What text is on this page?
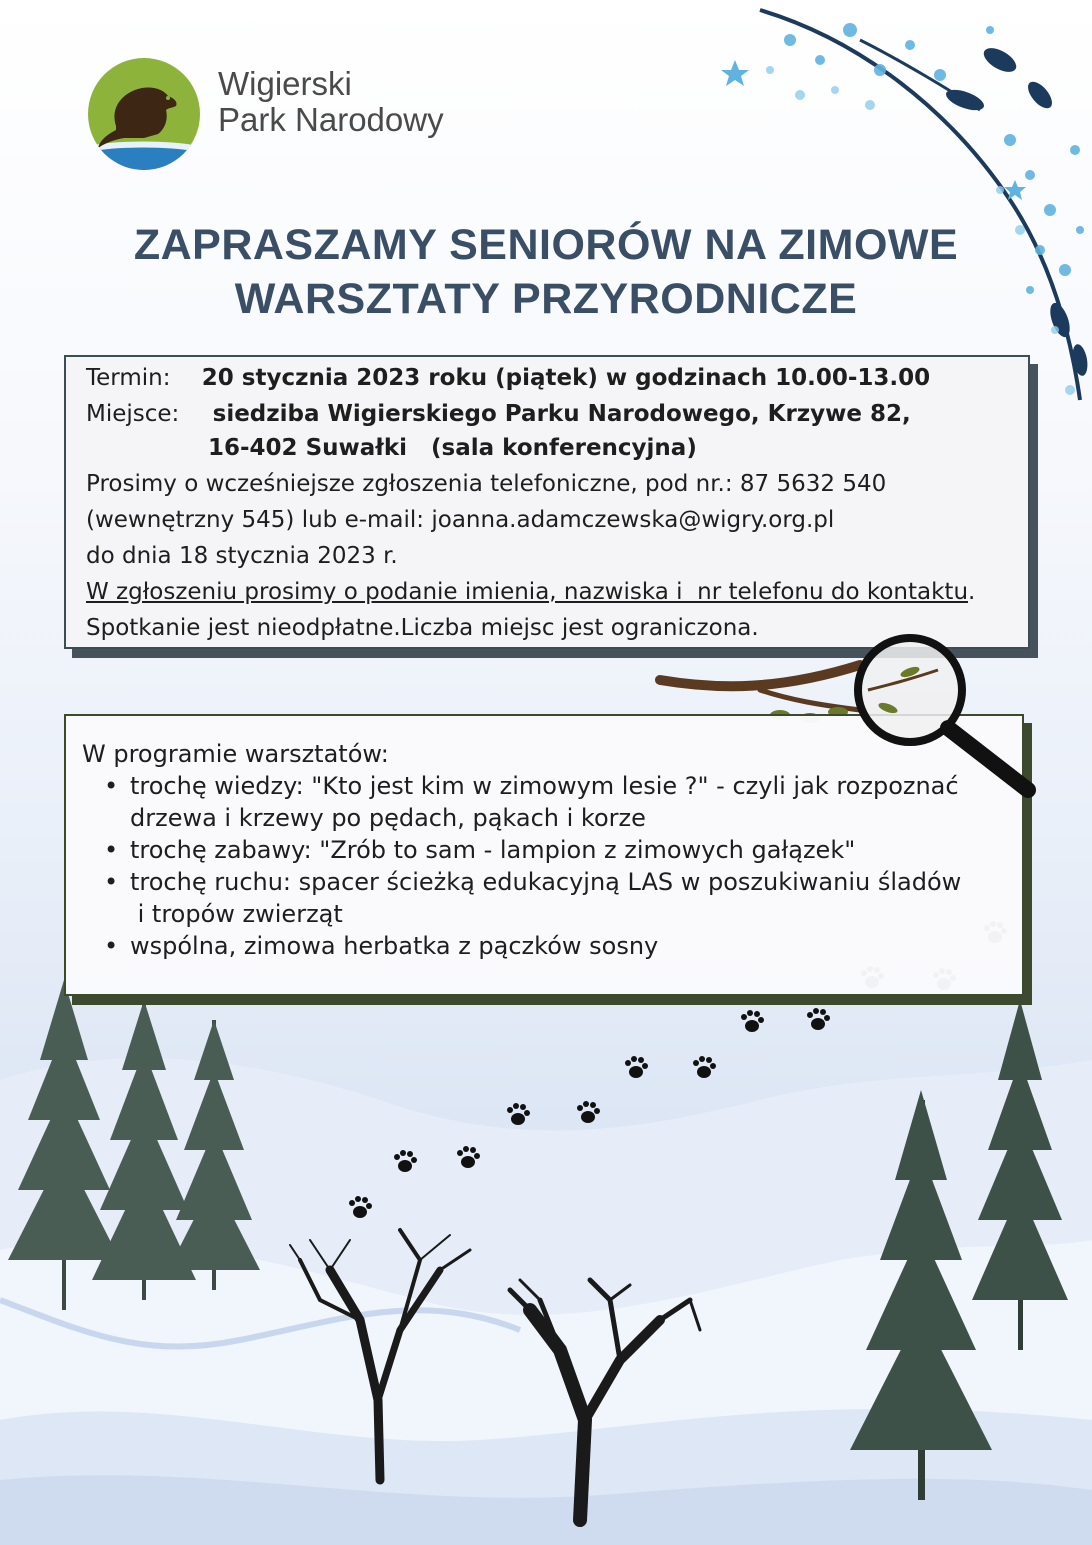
Wigierski
Park Narodowy
ZAPRASZAMY SENIORÓW NA ZIMOWE
WARSZTATY PRZYRODNICZE
Termin: 20 stycznia 2023 roku (piątek) w godzinach 10.00-13.00
Miejsce: siedziba Wigierskiego Parku Narodowego, Krzywe 82,
16-402 Suwałki   (sala konferencyjna)
Prosimy o wcześniejsze zgłoszenia telefoniczne, pod nr.: 87 5632 540
(wewnętrzny 545) lub e-mail: joanna.adamczewska@wigry.org.pl
do dnia 18 stycznia 2023 r.
W zgłoszeniu prosimy o podanie imienia, nazwiska i  nr telefonu do kontaktu.
Spotkanie jest nieodpłatne.Liczba miejsc jest ograniczona.
W programie warsztatów:
• trochę wiedzy: "Kto jest kim w zimowym lesie ?" - czyli jak rozpoznać
drzewa i krzewy po pędach, pąkach i korze
• trochę zabawy: "Zrób to sam - lampion z zimowych gałązek"
• trochę ruchu: spacer ścieżką edukacyjną LAS w poszukiwaniu śladów
i tropów zwierząt
• wspólna, zimowa herbatka z pączków sosny
